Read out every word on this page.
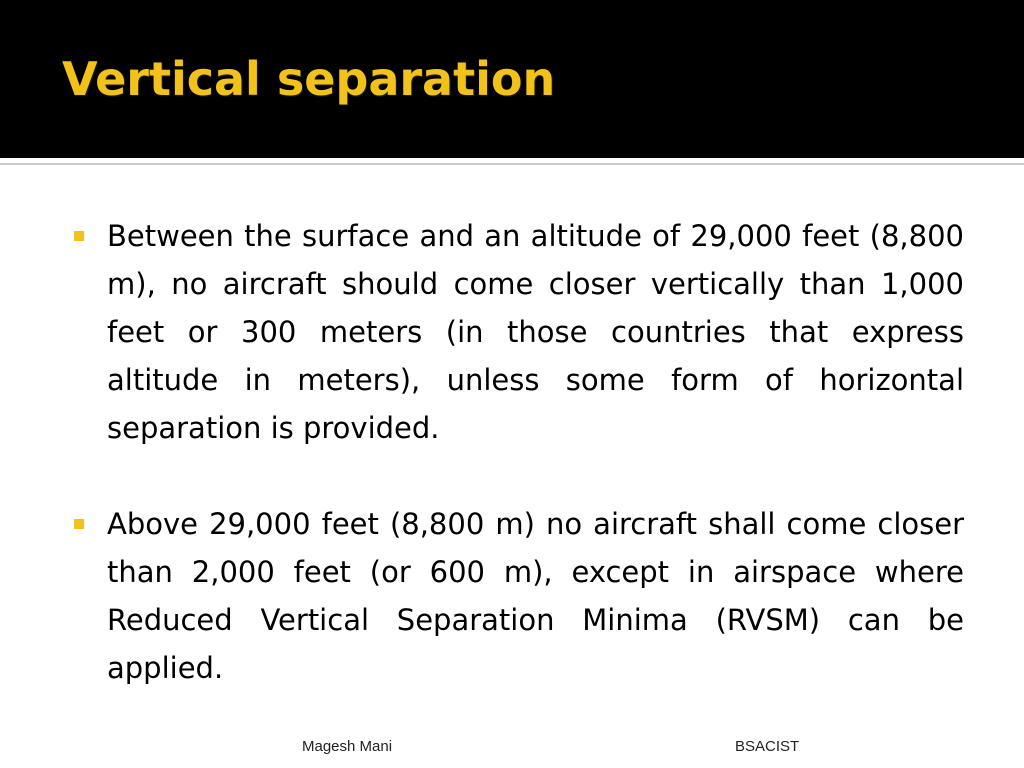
Vertical separation
Between the surface and an altitude of 29,000 feet (8,800 m), no aircraft should come closer vertically than 1,000 feet or 300 meters (in those countries that express altitude in meters), unless some form of horizontal separation is provided.
Above 29,000 feet (8,800 m) no aircraft shall come closer than 2,000 feet (or 600 m), except in airspace where Reduced Vertical Separation Minima (RVSM) can be applied.
Magesh Mani	BSACIST
